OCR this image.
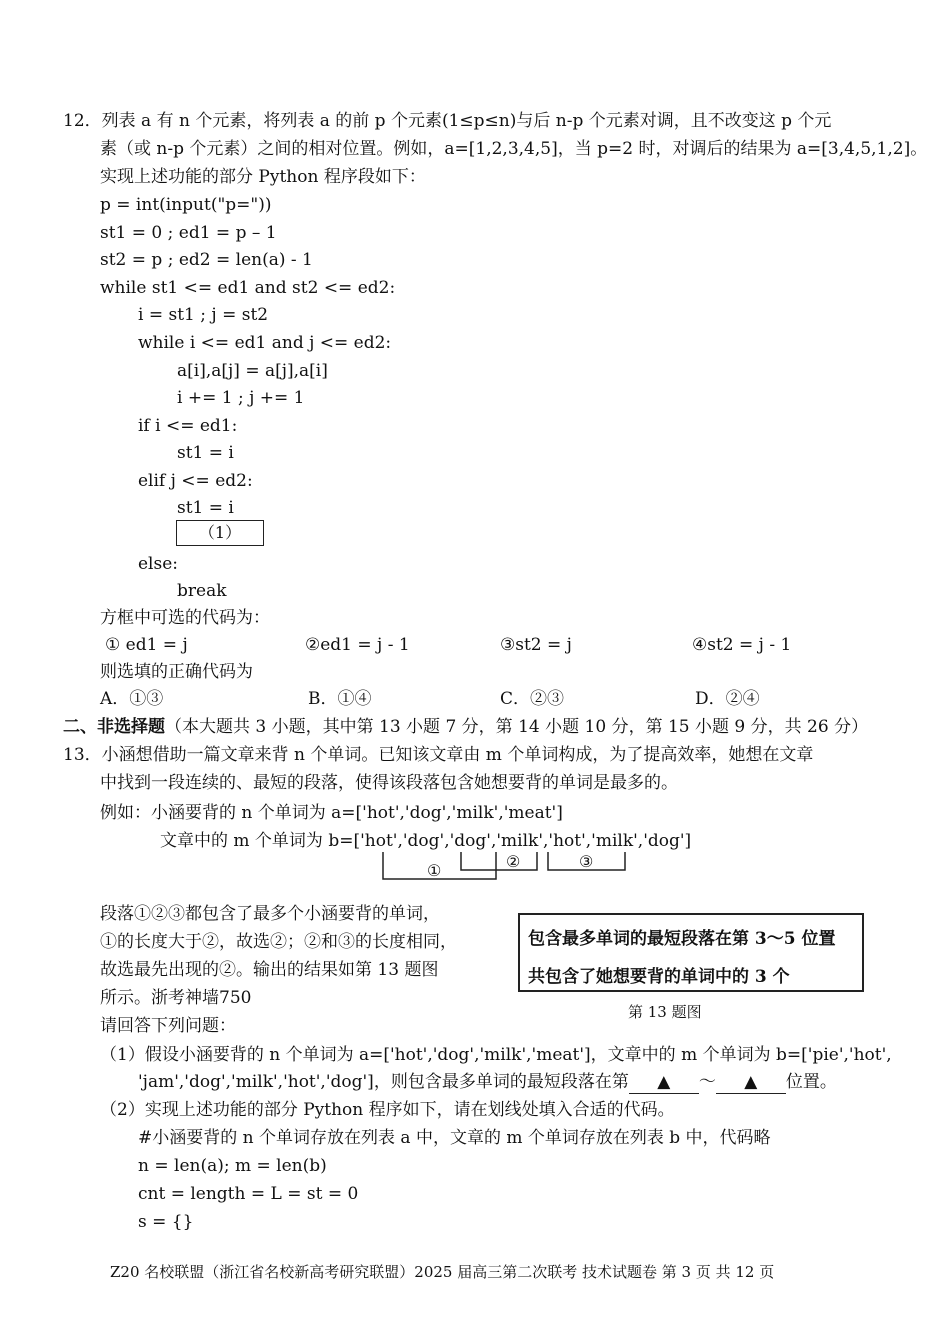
12．列表 a 有 n 个元素，将列表 a 的前 p 个元素(1≤p≤n)与后 n-p 个元素对调，且不改变这 p 个元
素（或 n-p 个元素）之间的相对位置。例如，a=[1,2,3,4,5]，当 p=2 时，对调后的结果为 a=[3,4,5,1,2]。
实现上述功能的部分 Python 程序段如下：
p = int(input("p="))
st1 = 0 ; ed1 = p – 1
st2 = p ; ed2 = len(a) - 1
while st1 <= ed1 and st2 <= ed2:
i = st1 ; j = st2
while i <= ed1 and j <= ed2:
a[i],a[j] = a[j],a[i]
i += 1 ; j += 1
if i <= ed1:
st1 = i
elif j <= ed2:
st1 = i
（1）
else:
break
方框中可选的代码为：
① ed1 = j	②ed1 = j - 1	③st2 = j	④st2 = j - 1
则选填的正确代码为
A．①③	B．①④	C．②③	D．②④
二、非选择题（本大题共 3 小题，其中第 13 小题 7 分，第 14 小题 10 分，第 15 小题 9 分，共 26 分）
13．小涵想借助一篇文章来背 n 个单词。已知该文章由 m 个单词构成，为了提高效率，她想在文章
中找到一段连续的、最短的段落，使得该段落包含她想要背的单词是最多的。
例如：小涵要背的 n 个单词为 a=['hot','dog','milk','meat']
文章中的 m 个单词为 b=['hot','dog','dog','milk','hot','milk','dog']
①	②	③
段落①②③都包含了最多个小涵要背的单词，
①的长度大于②，故选②；②和③的长度相同，
故选最先出现的②。输出的结果如第 13 题图
所示。浙考神墙750
包含最多单词的最短段落在第 3～5 位置
共包含了她想要背的单词中的 3 个
第 13 题图
请回答下列问题：
（1）假设小涵要背的 n 个单词为 a=['hot','dog','milk','meat']，文章中的 m 个单词为 b=['pie','hot',
'jam','dog','milk','hot','dog']，则包含最多单词的最短段落在第 ▲ ～ ▲ 位置。
（2）实现上述功能的部分 Python 程序如下，请在划线处填入合适的代码。
#小涵要背的 n 个单词存放在列表 a 中，文章的 m 个单词存放在列表 b 中，代码略
n = len(a); m = len(b)
cnt = length = L = st = 0
s = {}
Z20 名校联盟（浙江省名校新高考研究联盟）2025 届高三第二次联考 技术试题卷 第 3 页 共 12 页
